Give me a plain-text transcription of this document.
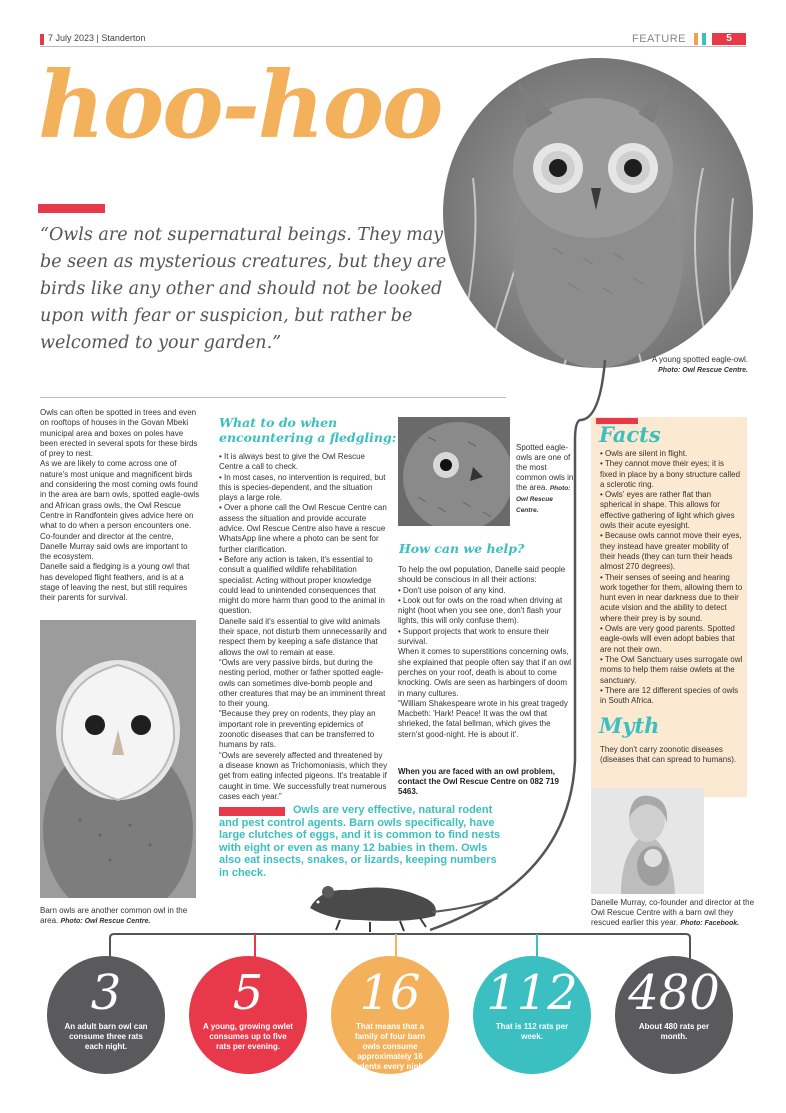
7 July 2023 | Standerton	FEATURE	5
hoo-hoo
A young spotted eagle-owl.
Photo: Owl Rescue Centre.
“Owls are not supernatural beings. They may be seen as mysterious creatures, but they are birds like any other and should not be looked upon with fear or suspicion, but rather be welcomed to your garden.”

Owls can often be spotted in trees and even on rooftops of houses in the Govan Mbeki municipal area and boxes on poles have been erected in several spots for these birds of prey to nest.

As we are likely to come across one of nature's most unique and magnificent birds and considering the most coming owls found in the area are barn owls, spotted eagle-owls and African grass owls, the Owl Rescue Centre in Randfontein gives advice here on what to do when a person encounters one.

Co-founder and director at the centre, Danelle Murray said owls are important to the ecosystem.

Danelle said a fledging is a young owl that has developed flight feathers, and is at a stage of leaving the nest, but still requires their parents for survival.

Barn owls are another common owl in the area. Photo: Owl Rescue Centre.
What to do when encountering a fledgling:

• It is always best to give the Owl Rescue Centre a call to check.

• In most cases, no intervention is required, but this is species-dependent, and the situation plays a large role.

• Over a phone call the Owl Rescue Centre can assess the situation and provide accurate advice. Owl Rescue Centre also have a rescue WhatsApp line where a photo can be sent for further clarification.

• Before any action is taken, it's essential to consult a qualified wildlife rehabilitation specialist. Acting without proper knowledge could lead to unintended consequences that might do more harm than good to the animal in question.

Danelle said it's essential to give wild animals their space, not disturb them unnecessarily and respect them by keeping a safe distance that allows the owl to remain at ease.

“Owls are very passive birds, but during the nesting period, mother or father spotted eagle-owls can sometimes dive-bomb people and other creatures that may be an imminent threat to their young.

“Because they prey on rodents, they play an important role in preventing epidemics of zoonotic diseases that can be transferred to humans by rats.

“Owls are severely affected and threatened by a disease known as Trichomoniasis, which they get from eating infected pigeons. It's treatable if caught in time. We successfully treat numerous cases each year.”

Spotted eagle-owls are one of the most common owls in the area. Photo: Owl Rescue Centre.
How can we help?

To help the owl population, Danelle said people should be conscious in all their actions:

• Don't use poison of any kind.

• Look out for owls on the road when driving at night (hoot when you see one, don't flash your lights, this will only confuse them).

• Support projects that work to ensure their survival.

When it comes to superstitions concerning owls, she explained that people often say that if an owl perches on your roof, death is about to come knocking. Owls are seen as harbingers of doom in many cultures.

“William Shakespeare wrote in his great tragedy Macbeth: 'Hark! Peace! It was the owl that shrieked, the fatal bellman, which gives the stern'st good-night. He is about it'.

When you are faced with an owl problem, contact the Owl Rescue Centre on 082 719 5463.
Facts

• Owls are silent in flight.

• They cannot move their eyes; it is fixed in place by a bony structure called a sclerotic ring.

• Owls' eyes are rather flat than spherical in shape. This allows for effective gathering of light which gives owls their acute eyesight.

• Because owls cannot move their eyes, they instead have greater mobility of their heads (they can turn their heads almost 270 degrees).

• Their senses of seeing and hearing work together for them, allowing them to hunt even in near darkness due to their acute vision and the ability to detect where their prey is by sound.

• Owls are very good parents. Spotted eagle-owls will even adopt babies that are not their own.

• The Owl Sanctuary uses surrogate owl moms to help them raise owlets at the sanctuary.

• There are 12 different species of owls in South Africa.

Myth
They don't carry zoonotic diseases (diseases that can spread to humans).
Danelle Murray, co-founder and director at the Owl Rescue Centre with a barn owl they rescued earlier this year. Photo: Facebook.
Owls are very effective, natural rodent and pest control agents. Barn owls specifically, have large clutches of eggs, and it is common to find nests with eight or even as many 12 babies in them. Owls also eat insects, snakes, or lizards, keeping numbers in check.
3
An adult barn owl can consume three rats each night.
5
A young, growing owlet consumes up to five rats per evening.
16
That means that a family of four barn owls consume approximately 16 rodents every night.
112
That is 112 rats per week.
480
About 480 rats per month.
